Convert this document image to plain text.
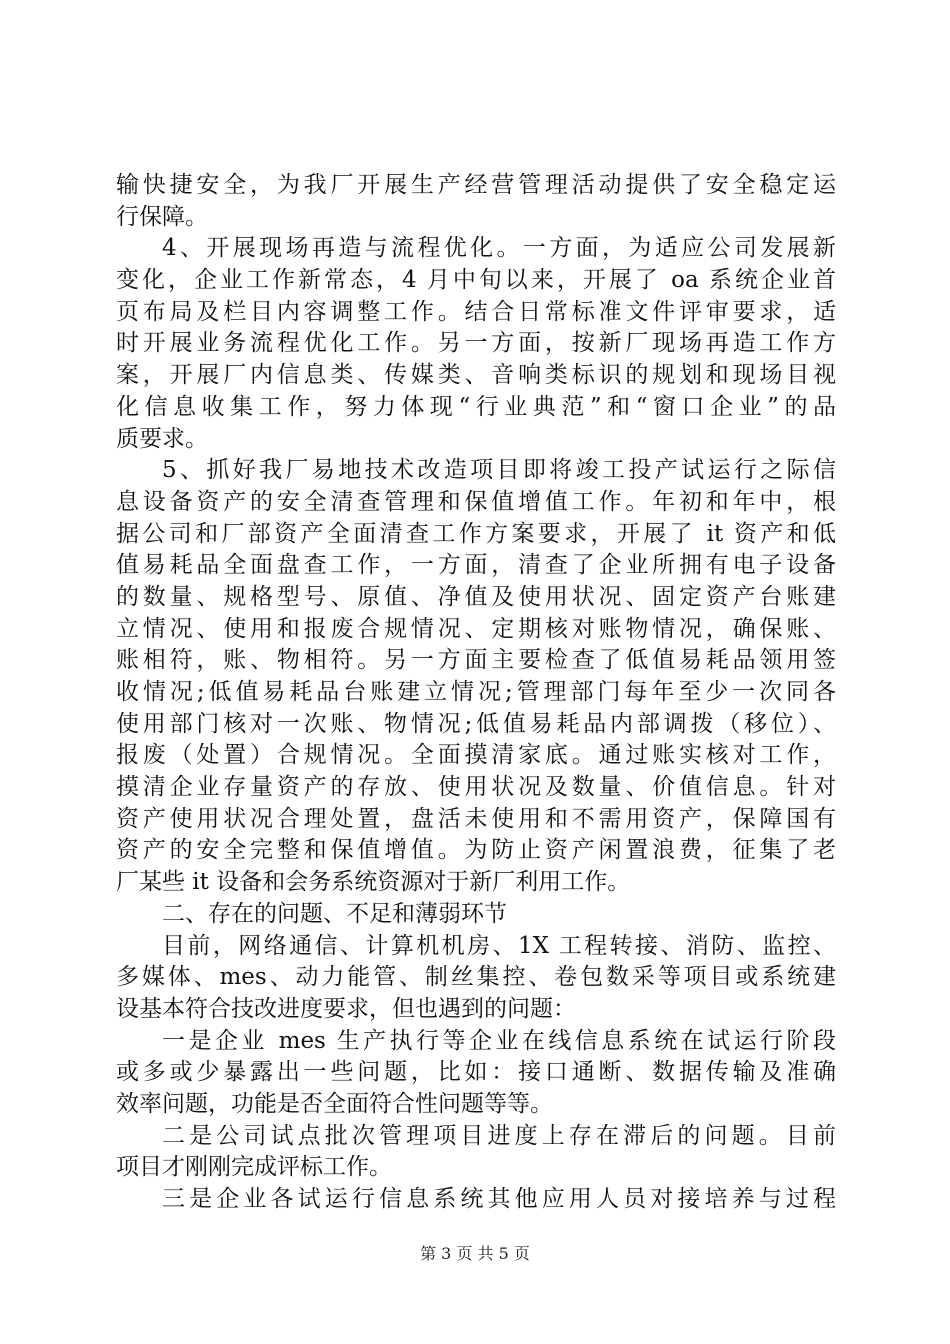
输快捷安全，为我厂开展生产经营管理活动提供了安全稳定运
行保障。
4、开展现场再造与流程优化。一方面，为适应公司发展新
变化，企业工作新常态，4 月中旬以来，开展了 oa 系统企业首
页布局及栏目内容调整工作。结合日常标准文件评审要求，适
时开展业务流程优化工作。另一方面，按新厂现场再造工作方
案，开展厂内信息类、传媒类、音响类标识的规划和现场目视
化信息收集工作，努力体现“行业典范”和“窗口企业”的品
质要求。
5、抓好我厂易地技术改造项目即将竣工投产试运行之际信
息设备资产的安全清查管理和保值增值工作。年初和年中，根
据公司和厂部资产全面清查工作方案要求，开展了 it 资产和低
值易耗品全面盘查工作，一方面，清查了企业所拥有电子设备
的数量、规格型号、原值、净值及使用状况、固定资产台账建
立情况、使用和报废合规情况、定期核对账物情况，确保账、
账相符，账、物相符。另一方面主要检查了低值易耗品领用签
收情况;低值易耗品台账建立情况;管理部门每年至少一次同各
使用部门核对一次账、物情况;低值易耗品内部调拨（移位）、
报废（处置）合规情况。全面摸清家底。通过账实核对工作，
摸清企业存量资产的存放、使用状况及数量、价值信息。针对
资产使用状况合理处置，盘活未使用和不需用资产，保障国有
资产的安全完整和保值增值。为防止资产闲置浪费，征集了老
厂某些 it 设备和会务系统资源对于新厂利用工作。
二、存在的问题、不足和薄弱环节
目前，网络通信、计算机机房、1X 工程转接、消防、监控、
多媒体、mes、动力能管、制丝集控、卷包数采等项目或系统建
设基本符合技改进度要求，但也遇到的问题：
一是企业 mes 生产执行等企业在线信息系统在试运行阶段
或多或少暴露出一些问题，比如：接口通断、数据传输及准确
效率问题，功能是否全面符合性问题等等。
二是公司试点批次管理项目进度上存在滞后的问题。目前
项目才刚刚完成评标工作。
三是企业各试运行信息系统其他应用人员对接培养与过程
第 3 页 共 5 页
